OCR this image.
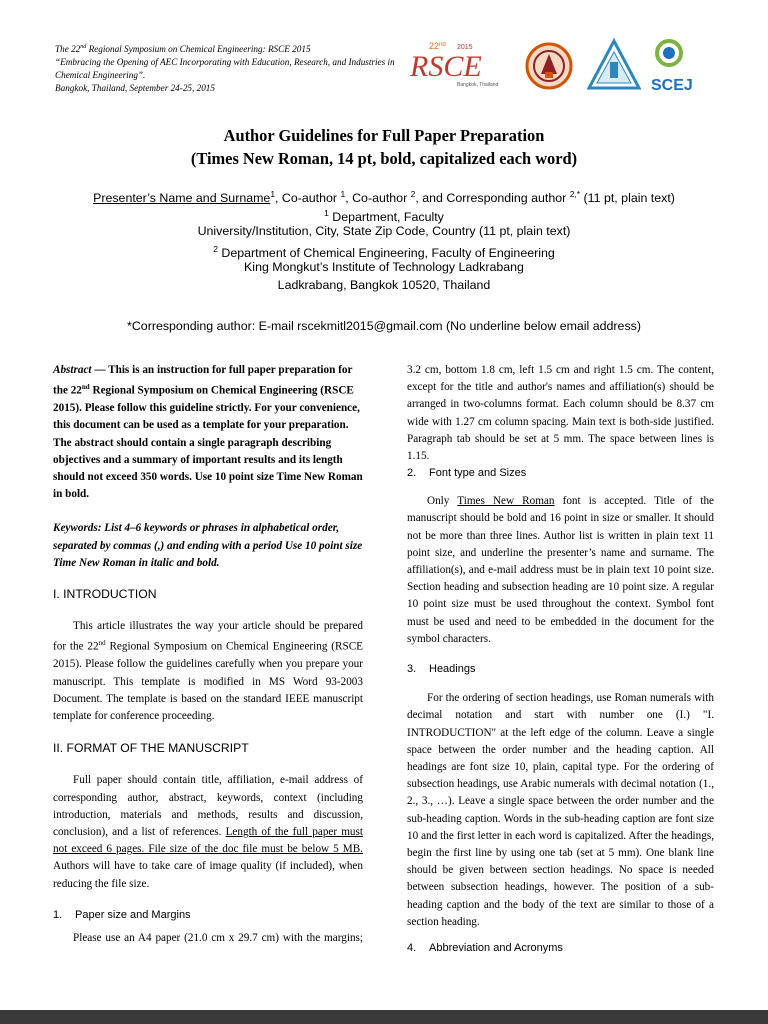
The 22nd Regional Symposium on Chemical Engineering: RSCE 2015
“Embracing the Opening of AEC Incorporating with Education, Research, and Industries in Chemical Engineering”.
Bangkok, Thailand, September 24-25, 2015
22nd 2015
RSCE
Bangkok, Thailand	SCEJ
Author Guidelines for Full Paper Preparation
(Times New Roman, 14 pt, bold, capitalized each word)
Presenter’s Name and Surname$^1$, Co-author $^1$, Co-author $^2$, and Corresponding author $^{2,*}$ (11 pt, plain text)
$^1$ Department, Faculty
University/Institution, City, State Zip Code, Country (11 pt, plain text)
$^2$ Department of Chemical Engineering, Faculty of Engineering
King Mongkut’s Institute of Technology Ladkrabang
Ladkrabang, Bangkok 10520, Thailand
*Corresponding author: E-mail rscekmitl2015@gmail.com (No underline below email address)

Abstract — This is an instruction for full paper preparation for the 22nd Regional Symposium on Chemical Engineering (RSCE 2015). Please follow this guideline strictly. For your convenience, this document can be used as a template for your preparation. The abstract should contain a single paragraph describing objectives and a summary of important results and its length should not exceed 350 words. Use 10 point size Time New Roman in bold.

Keywords: List 4–6 keywords or phrases in alphabetical order, separated by commas (,) and ending with a period Use 10 point size Time New Roman in italic and bold.

I. INTRODUCTION

This article illustrates the way your article should be prepared for the 22nd Regional Symposium on Chemical Engineering (RSCE 2015). Please follow the guidelines carefully when you prepare your manuscript. This template is modified in MS Word 93-2003 Document. The template is based on the standard IEEE manuscript template for conference proceeding.

II. FORMAT OF THE MANUSCRIPT

Full paper should contain title, affiliation, e-mail address of corresponding author, abstract, keywords, context (including introduction, materials and methods, results and discussion, conclusion), and a list of references. Length of the full paper must not exceed 6 pages. File size of the doc file must be below 5 MB. Authors will have to take care of image quality (if included), when reducing the file size.

1. Paper size and Margins

Please use an A4 paper (21.0 cm x 29.7 cm) with the margins;

3.2 cm, bottom 1.8 cm, left 1.5 cm and right 1.5 cm. The content, except for the title and author's names and affiliation(s) should be arranged in two-columns format. Each column should be 8.37 cm wide with 1.27 cm column spacing. Main text is both-side justified. Paragraph tab should be set at 5 mm. The space between lines is 1.15.

2. Font type and Sizes

Only Times New Roman font is accepted. Title of the manuscript should be bold and 16 point in size or smaller. It should not be more than three lines. Author list is written in plain text 11 point size, and underline the presenter’s name and surname. The affiliation(s), and e-mail address must be in plain text 10 point size. Section heading and subsection heading are 10 point size. A regular 10 point size must be used throughout the context. Symbol font must be used and need to be embedded in the document for the symbol characters.

3. Headings

For the ordering of section headings, use Roman numerals with decimal notation and start with number one (I.) "I. INTRODUCTION" at the left edge of the column. Leave a single space between the order number and the heading caption. All headings are font size 10, plain, capital type. For the ordering of subsection headings, use Arabic numerals with decimal notation (1., 2., 3., …). Leave a single space between the order number and the sub-heading caption. Words in the sub-heading caption are font size 10 and the first letter in each word is capitalized. After the headings, begin the first line by using one tab (set at 5 mm). One blank line should be given between section headings. No space is needed between subsection headings, however. The position of a sub-heading caption and the body of the text are similar to those of a section heading.

4. Abbreviation and Acronyms
